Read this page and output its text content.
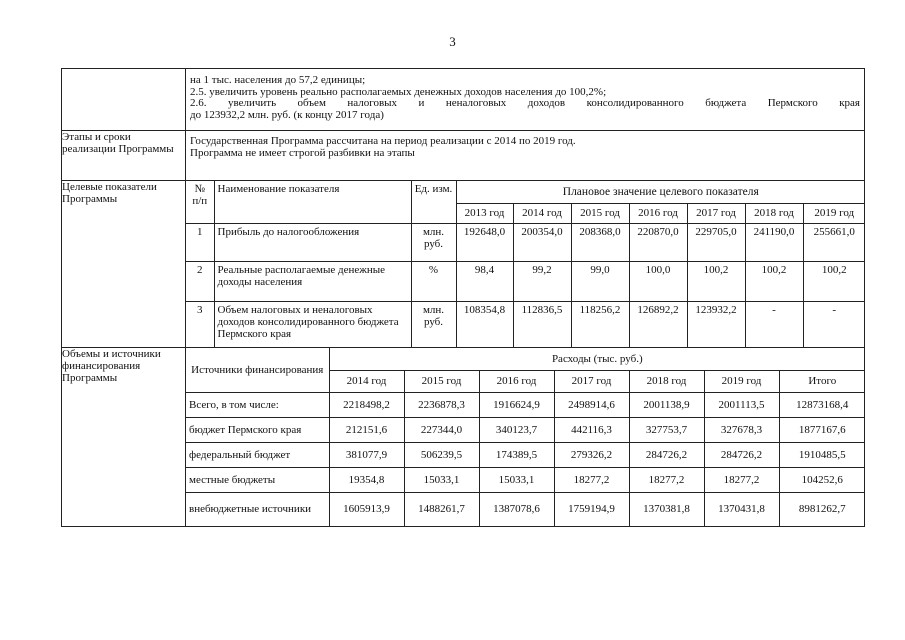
3

на 1 тыс. населения до 57,2 единицы;
2.5. увеличить уровень реально располагаемых денежных доходов населения до 100,2%;
2.6. увеличить объем налоговых и неналоговых доходов консолидированного бюджета Пермского края
до 123932,2 млн. руб. (к концу 2017 года)

Этапы и сроки реализации Программы	
Государственная Программа рассчитана на период реализации с 2014 по 2019 год.
Программа не имеет строгой разбивки на этапы

Целевые показатели Программы	
№ п/п	Наименование показателя	Ед. изм.	Плановое значение целевого показателя
2013 год	2014 год	2015 год	2016 год	2017 год	2018 год	2019 год
1	Прибыль до налогообложения	млн. руб.	192648,0	200354,0	208368,0	220870,0	229705,0	241190,0	255661,0
2	Реальные располагаемые денежные доходы населения	%	98,4	99,2	99,0	100,0	100,2	100,2	100,2
3	Объем налоговых и неналоговых доходов консолидированного бюджета Пермского края	млн. руб.	108354,8	112836,5	118256,2	126892,2	123932,2	-	-

Объемы и источники финансирования Программы	
Источники финансирования	Расходы (тыс. руб.)
2014 год	2015 год	2016 год	2017 год	2018 год	2019 год	Итого
Всего, в том числе:	2218498,2	2236878,3	1916624,9	2498914,6	2001138,9	2001113,5	12873168,4
бюджет Пермского края	212151,6	227344,0	340123,7	442116,3	327753,7	327678,3	1877167,6
федеральный бюджет	381077,9	506239,5	174389,5	279326,2	284726,2	284726,2	1910485,5
местные бюджеты	19354,8	15033,1	15033,1	18277,2	18277,2	18277,2	104252,6
внебюджетные источники	1605913,9	1488261,7	1387078,6	1759194,9	1370381,8	1370431,8	8981262,7
